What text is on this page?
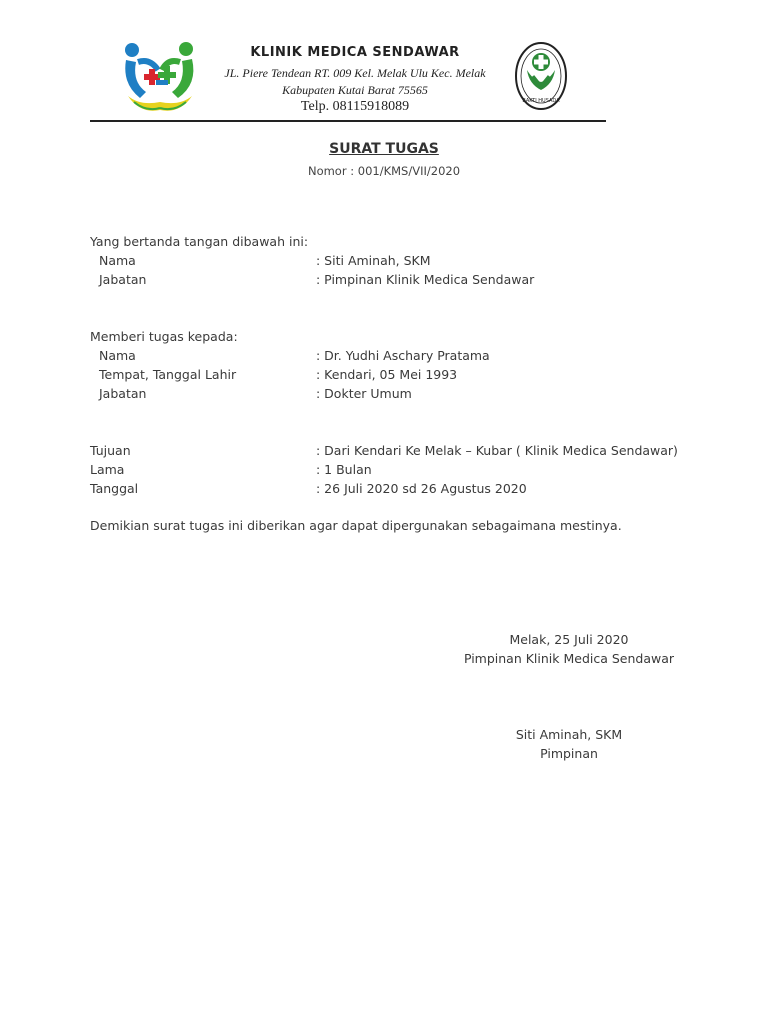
KLINIK MEDICA SENDAWAR
JL. Piere Tendean RT. 009 Kel. Melak Ulu Kec. Melak
Kabupaten Kutai Barat 75565
Telp. 08115918089	BAKTI HUSADA
SURAT TUGAS
Nomor : 001/KMS/VII/2020
Yang bertanda tangan dibawah ini:
Nama	: Siti Aminah, SKM
Jabatan	: Pimpinan Klinik Medica Sendawar
Memberi tugas kepada:
Nama	: Dr. Yudhi Aschary Pratama
Tempat, Tanggal Lahir	: Kendari, 05 Mei 1993
Jabatan	: Dokter Umum
Tujuan	: Dari Kendari Ke Melak – Kubar ( Klinik Medica Sendawar)
Lama	: 1 Bulan
Tanggal	: 26 Juli 2020 sd 26 Agustus 2020
Demikian surat tugas ini diberikan agar dapat dipergunakan sebagaimana mestinya.
Melak, 25 Juli 2020
Pimpinan Klinik Medica Sendawar
Siti Aminah, SKM
Pimpinan
